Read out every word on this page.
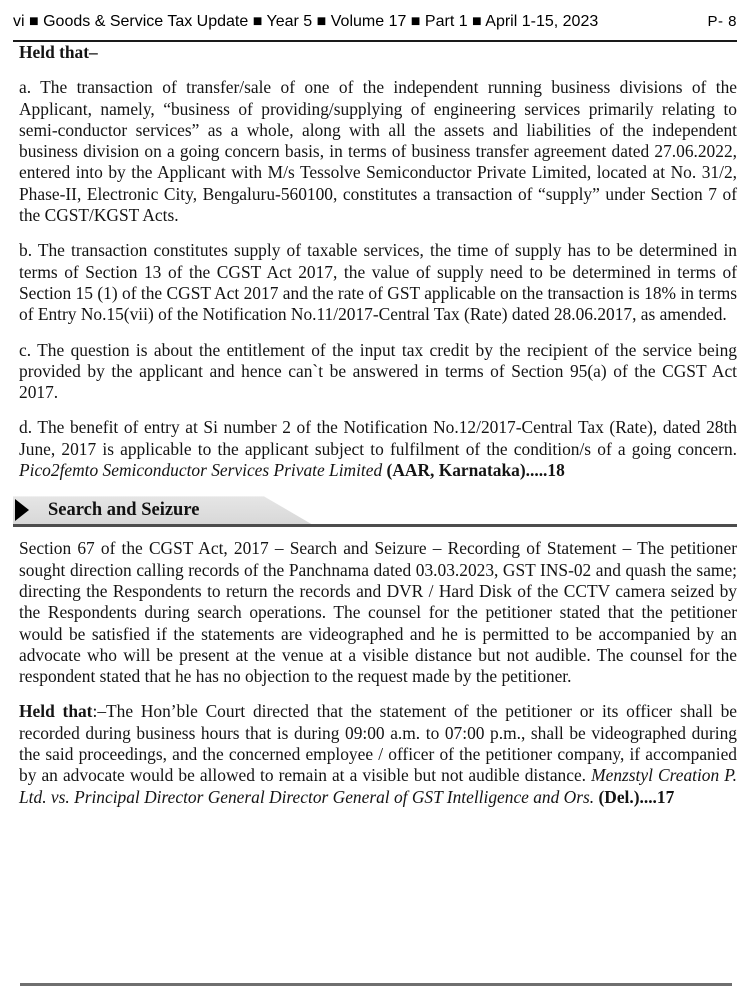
vi ■ Goods & Service Tax Update ■ Year 5 ■ Volume 17 ■ Part 1 ■ April 1-15, 2023	P- 8

Held that–

a. The transaction of transfer/sale of one of the independent running business divisions of the Applicant, namely, “business of providing/supplying of engineering services primarily relating to semi-conductor services” as a whole, along with all the assets and liabilities of the independent business division on a going concern basis, in terms of business transfer agreement dated 27.06.2022, entered into by the Applicant with M/s Tessolve Semiconductor Private Limited, located at No. 31/2, Phase-II, Electronic City, Bengaluru-560100, constitutes a transaction of “supply” under Section 7 of the CGST/KGST Acts.

b. The transaction constitutes supply of taxable services, the time of supply has to be determined in terms of Section 13 of the CGST Act 2017, the value of supply need to be determined in terms of Section 15 (1) of the CGST Act 2017 and the rate of GST applicable on the transaction is 18% in terms of Entry No.15(vii) of the Notification No.11/2017-Central Tax (Rate) dated 28.06.2017, as amended.

c. The question is about the entitlement of the input tax credit by the recipient of the service being provided by the applicant and hence can`t be answered in terms of Section 95(a) of the CGST Act 2017.

d. The benefit of entry at Si number 2 of the Notification No.12/2017-Central Tax (Rate), dated 28th June, 2017 is applicable to the applicant subject to fulfilment of the condition/s of a going concern. Pico2femto Semiconductor Services Private Limited (AAR, Karnataka).....18

Search and Seizure

Section 67 of the CGST Act, 2017 – Search and Seizure – Recording of Statement – The petitioner sought direction calling records of the Panchnama dated 03.03.2023, GST INS-02 and quash the same; directing the Respondents to return the records and DVR / Hard Disk of the CCTV camera seized by the Respondents during search operations. The counsel for the petitioner stated that the petitioner would be satisfied if the statements are videographed and he is permitted to be accompanied by an advocate who will be present at the venue at a visible distance but not audible. The counsel for the respondent stated that he has no objection to the request made by the petitioner.

Held that:–The Hon’ble Court directed that the statement of the petitioner or its officer shall be recorded during business hours that is during 09:00 a.m. to 07:00 p.m., shall be videographed during the said proceedings, and the concerned employee / officer of the petitioner company, if accompanied by an advocate would be allowed to remain at a visible but not audible distance. Menzstyl Creation P. Ltd. vs. Principal Director General Director General of GST Intelligence and Ors. (Del.)....17
